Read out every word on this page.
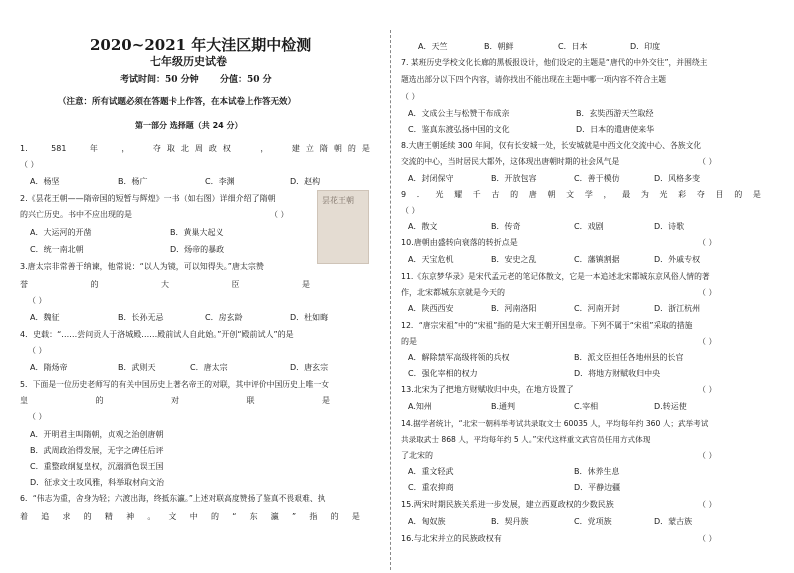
2020~2021 年大洼区期中检测
七年级历史试卷
考试时间：50 分钟 分值：50 分
（注意：所有试题必须在答题卡上作答，在本试卷上作答无效）
第一部分 选择题（共 24 分）
1.	581	年	，	夺取北周政权	，	建立隋朝的是
（ ）
A．杨坚	B．杨广	C．李渊	D．赵构
2.《昙花王朝——隋帝国的短暂与辉煌》一书（如右图）详细介绍了隋朝
的兴亡历史。书中不应出现的是	（ ）
A．大运河的开凿	B．黄巢大起义
C．统一南北朝	D．炀帝的暴政
昙花王朝
3.唐太宗非常善于纳谏，他常说：“以人为镜，可以知得失。”唐太宗赞
誉	的	大	臣	是
（ ）
A．魏征	B．长孙无忌	C．房玄龄	D．杜如晦
4．史载：“……尝问贡人于洛城殿……殿前试人自此始。”开创“殿前试人”的是
（ ）
A．隋炀帝	B．武则天	C．唐太宗	D．唐玄宗
5．下面是一位历史老师写的有关中国历史上著名帝王的对联，其中评价中国历史上唯一女
皇	的	对	联	是
（ ）
A．开明君主叫隋朝，贞观之治创唐朝
B．武周政治得发展，无字之碑任后评
C．重整政纲复皇权，沉溺酒色误王国
D．征求文士攻风雅，科举取材向文治
6．“伟志为重，舍身为轻；六渡出海，终抵东瀛。”上述对联高度赞扬了鉴真不畏艰难、执
着 追 求 的 精 神 。 文 中 的 “ 东 瀛 ” 指 的 是
A．天竺	B．朝鲜	C．日本	D．印度
7. 某班历史学校文化长廊的黑板报设计，他们设定的主题是“唐代的中外交往”，并围绕主
题选出部分以下四个内容，请你找出不能出现在主题中哪一项内容不符合主题
（ ）
A．文成公主与松赞干布成亲	B．玄奘西游天竺取经
C．鉴真东渡弘扬中国的文化	D．日本的遣唐使来华
8.大唐王朝延续 300 年间，仅有长安城一处，长安城就是中西文化交流中心、各族文化
交流的中心，当时居民大都外，这体现出唐朝时期的社会风气是	（ ）
A．封闭保守	B．开放包容	C．善于模仿	D．风格多变
9 ． 光 耀 千 古 的 唐 朝 文 学 ， 最 为 光 彩 夺 目 的 是
（ ）
A．散文	B．传奇	C．戏剧	D．诗歌
10.唐朝由盛转向衰落的转折点是	（ ）
A．天宝危机	B．安史之乱	C．藩镇割据	D．外戚专权
11.《东京梦华录》是宋代孟元老的笔记体散文，它是一本追述北宋都城东京风俗人情的著
作，北宋都城东京就是今天的	（ ）
A．陕西西安	B．河南洛阳	C．河南开封	D．浙江杭州
12．“唐宗宋祖”中的“宋祖”指的是大宋王朝开国皇帝。下列不属于“宋祖”采取的措施
的是	（ ）
A．解除禁军高级将领的兵权	B．派文臣担任各地州县的长官
C．强化宰相的权力	D．将地方财赋收归中央
13.北宋为了把地方财赋收归中央，在地方设置了	（ ）
A.知州	B.通判	C.宰相	D.转运使
14.据学者统计，“北宋一朝科举考试共录取文士 60035 人，平均每年约 360 人；武举考试
共录取武士 868 人，平均每年约 5 人。”宋代这样重文武官员任用方式体现
了北宋的	（ ）
A．重文轻武	B．休养生息
C．重农抑商	D．平静边疆
15.两宋时期民族关系进一步发展，建立西夏政权的少数民族	（ ）
A．匈奴族	B．契丹族	C．党项族	D．蒙古族
16.与北宋并立的民族政权有	（ ）
